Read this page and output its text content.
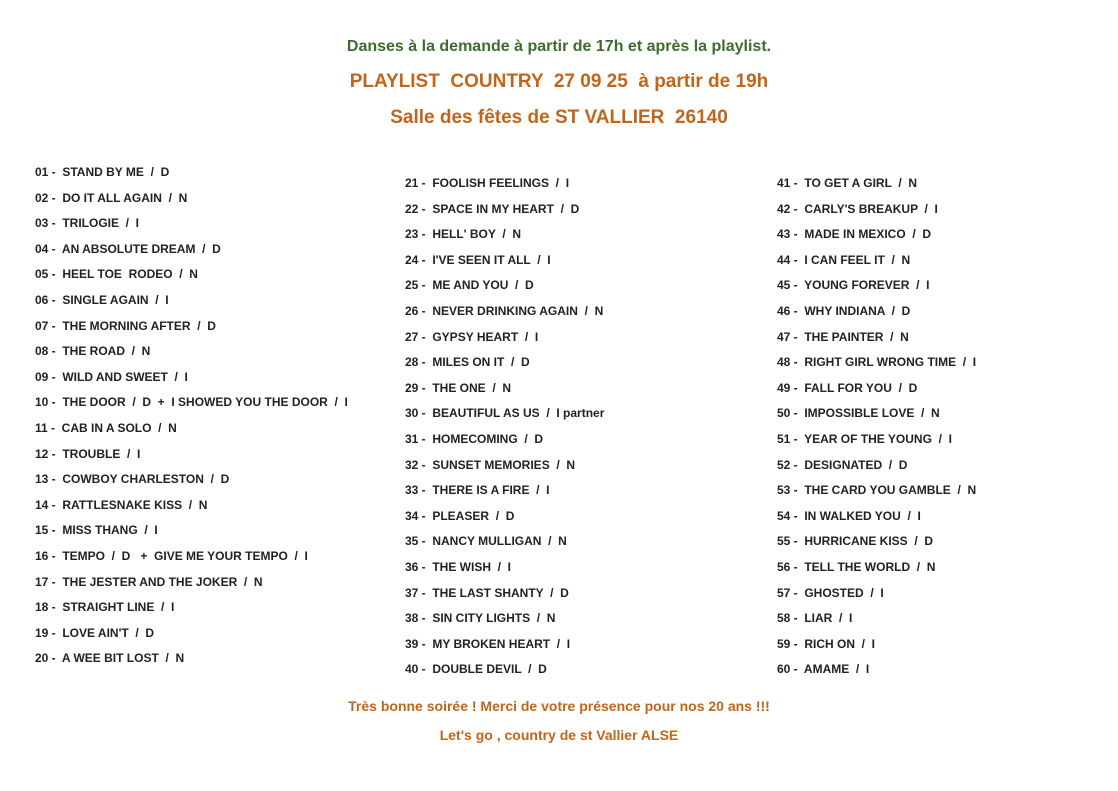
Danses à la demande à partir de 17h et après la playlist.
PLAYLIST  COUNTRY  27 09 25  à partir de 19h
Salle des fêtes de ST VALLIER  26140
01 -  STAND BY ME  /  D
02 -  DO IT ALL AGAIN  /  N
03 -  TRILOGIE  /  I
04 -  AN ABSOLUTE DREAM  /  D
05 -  HEEL TOE  RODEO  /  N
06 -  SINGLE AGAIN  /  I
07 -  THE MORNING AFTER  /  D
08 -  THE ROAD  /  N
09 -  WILD AND SWEET  /  I
10 -  THE DOOR  /  D  +  I SHOWED YOU THE DOOR  /  I
11 -  CAB IN A SOLO  /  N
12 -  TROUBLE  /  I
13 -  COWBOY CHARLESTON  /  D
14 -  RATTLESNAKE KISS  /  N
15 -  MISS THANG  /  I
16 -  TEMPO  /  D   +  GIVE ME YOUR TEMPO  /  I
17 -  THE JESTER AND THE JOKER  /  N
18 -  STRAIGHT LINE  /  I
19 -  LOVE AIN'T  /  D
20 -  A WEE BIT LOST  /  N
21 -  FOOLISH FEELINGS  /  I
22 -  SPACE IN MY HEART  /  D
23 -  HELL' BOY  /  N
24 -  I'VE SEEN IT ALL  /  I
25 -  ME AND YOU  /  D
26 -  NEVER DRINKING AGAIN  /  N
27 -  GYPSY HEART  /  I
28 -  MILES ON IT  /  D
29 -  THE ONE  /  N
30 -  BEAUTIFUL AS US  /  I partner
31 -  HOMECOMING  /  D
32 -  SUNSET MEMORIES  /  N
33 -  THERE IS A FIRE  /  I
34 -  PLEASER  /  D
35 -  NANCY MULLIGAN  /  N
36 -  THE WISH  /  I
37 -  THE LAST SHANTY  /  D
38 -  SIN CITY LIGHTS  /  N
39 -  MY BROKEN HEART  /  I
40 -  DOUBLE DEVIL  /  D
41 -  TO GET A GIRL  /  N
42 -  CARLY'S BREAKUP  /  I
43 -  MADE IN MEXICO  /  D
44 -  I CAN FEEL IT  /  N
45 -  YOUNG FOREVER  /  I
46 -  WHY INDIANA  /  D
47 -  THE PAINTER  /  N
48 -  RIGHT GIRL WRONG TIME  /  I
49 -  FALL FOR YOU  /  D
50 -  IMPOSSIBLE LOVE  /  N
51 -  YEAR OF THE YOUNG  /  I
52 -  DESIGNATED  /  D
53 -  THE CARD YOU GAMBLE  /  N
54 -  IN WALKED YOU  /  I
55 -  HURRICANE KISS  /  D
56 -  TELL THE WORLD  /  N
57 -  GHOSTED  /  I
58 -  LIAR  /  I
59 -  RICH ON  /  I
60 -  AMAME  /  I
Très bonne soirée ! Merci de votre présence pour nos 20 ans !!!
Let's go , country de st Vallier ALSE
